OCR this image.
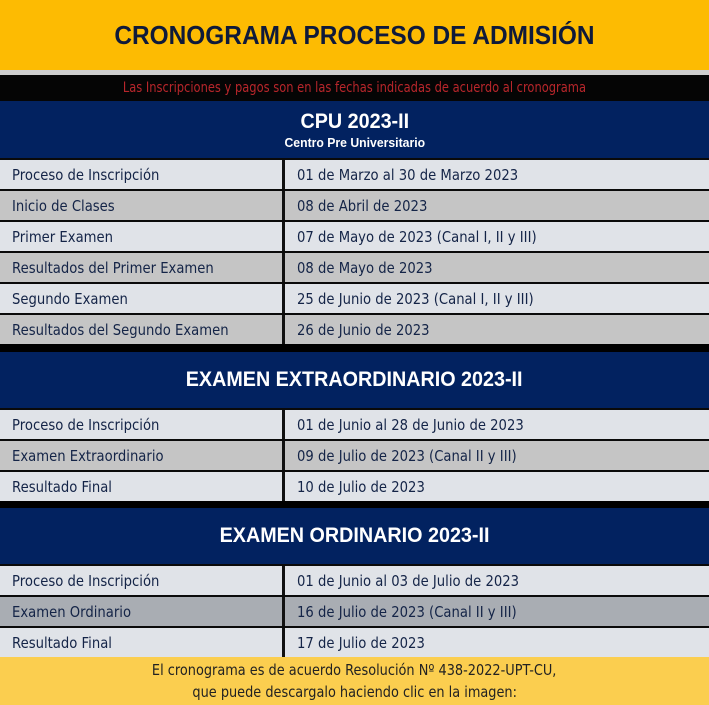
CRONOGRAMA PROCESO DE ADMISIÓN
Las Inscripciones y pagos son en las fechas indicadas de acuerdo al cronograma
CPU 2023-II
Centro Pre Universitario
Proceso de Inscripción	01 de Marzo al 30 de Marzo 2023
Inicio de Clases	08 de Abril de 2023
Primer Examen	07 de Mayo de 2023 (Canal I, II y III)
Resultados del Primer Examen	08 de Mayo de 2023
Segundo Examen	25 de Junio de 2023 (Canal I, II y III)
Resultados del Segundo Examen	26 de Junio de 2023
EXAMEN EXTRAORDINARIO 2023-II
Proceso de Inscripción	01 de Junio al 28 de Junio de 2023
Examen Extraordinario	09 de Julio de 2023 (Canal II y III)
Resultado Final	10 de Julio de 2023
EXAMEN ORDINARIO 2023-II
Proceso de Inscripción	01 de Junio al 03 de Julio de 2023
Examen Ordinario	16 de Julio de 2023 (Canal II y III)
Resultado Final	17 de Julio de 2023
El cronograma es de acuerdo Resolución Nº 438-2022-UPT-CU,
que puede descargalo haciendo clic en la imagen:
